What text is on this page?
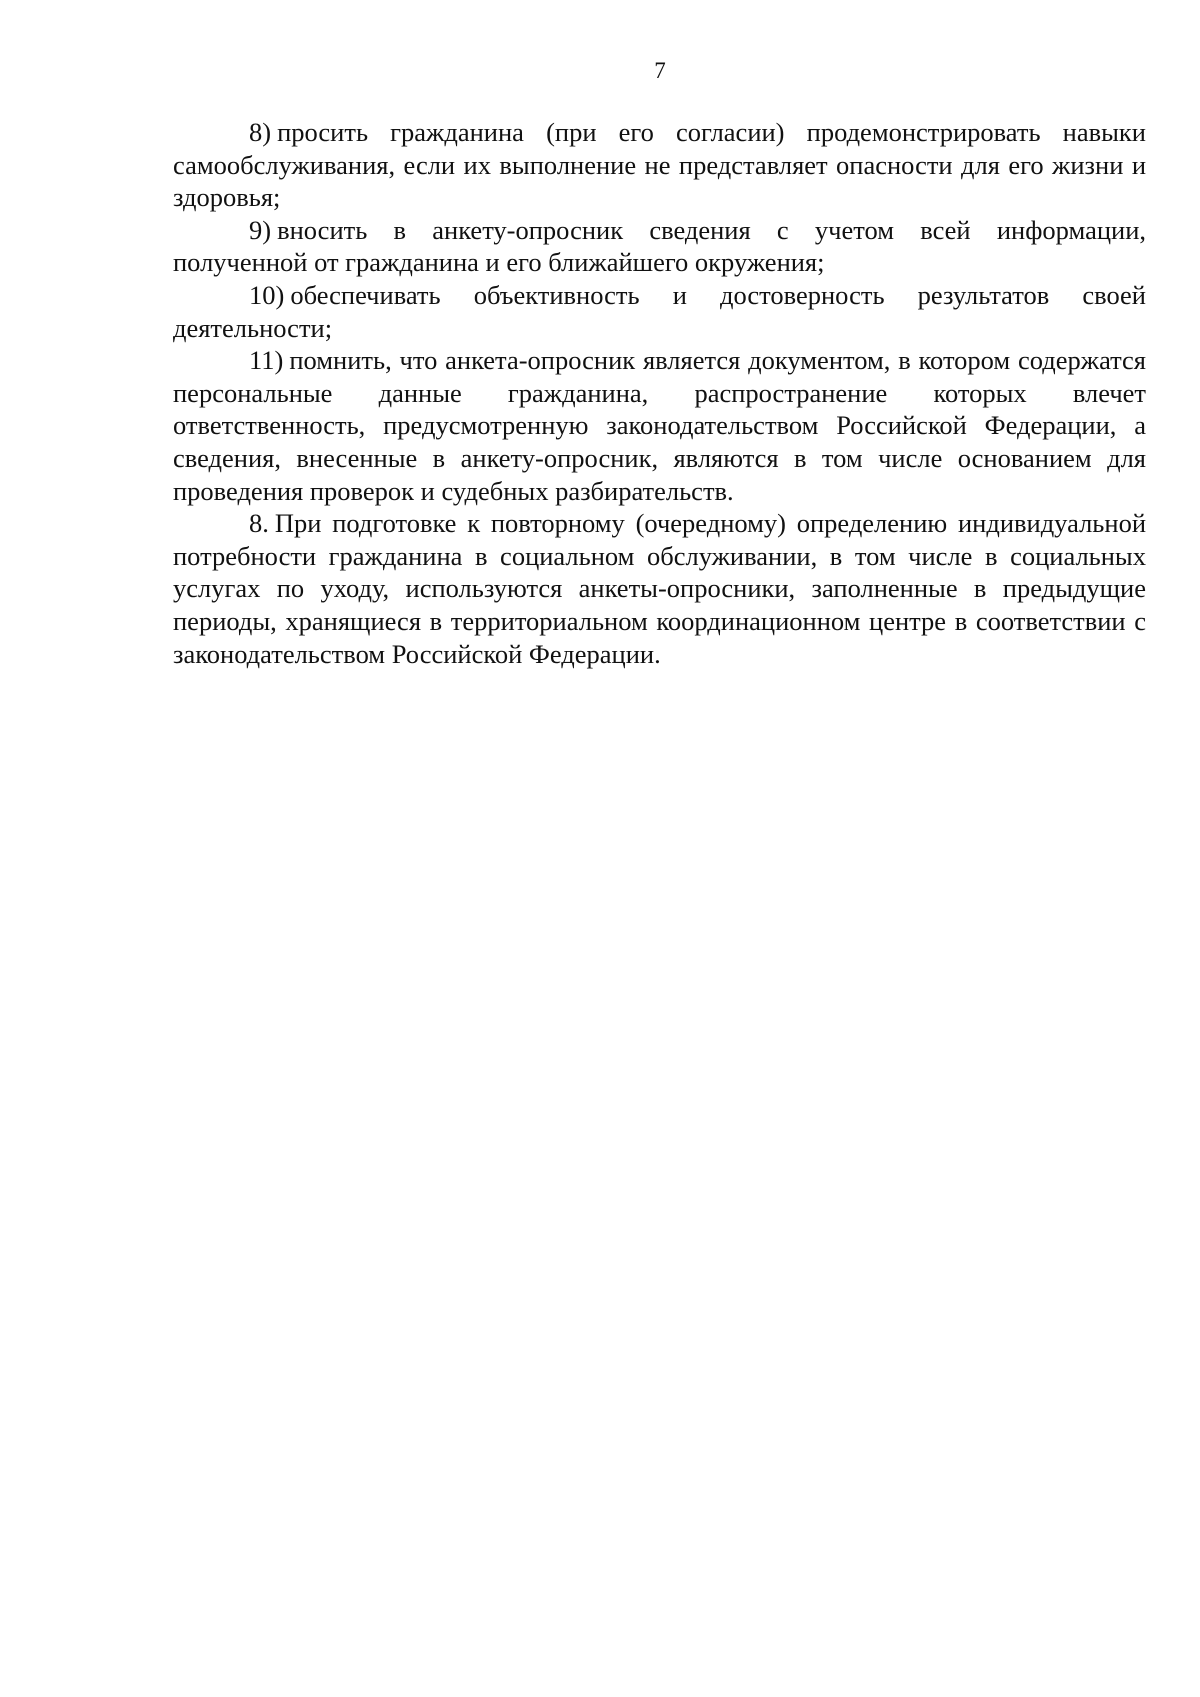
7

8) просить гражданина (при его согласии) продемонстрировать навыки самообслуживания, если их выполнение не представляет опасности для его жизни и здоровья;

9) вносить в анкету-опросник сведения с учетом всей информации, полученной от гражданина и его ближайшего окружения;

10) обеспечивать объективность и достоверность результатов своей деятельности;

11) помнить, что анкета-опросник является документом, в котором содержатся персональные данные гражданина, распространение которых влечет ответственность, предусмотренную законодательством Российской Федерации, а сведения, внесенные в анкету-опросник, являются в том числе основанием для проведения проверок и судебных разбирательств.

8. При подготовке к повторному (очередному) определению индивидуальной потребности гражданина в социальном обслуживании, в том числе в социальных услугах по уходу, используются анкеты-опросники, заполненные в предыдущие периоды, хранящиеся в территориальном координационном центре в соответствии с законодательством Российской Федерации.
